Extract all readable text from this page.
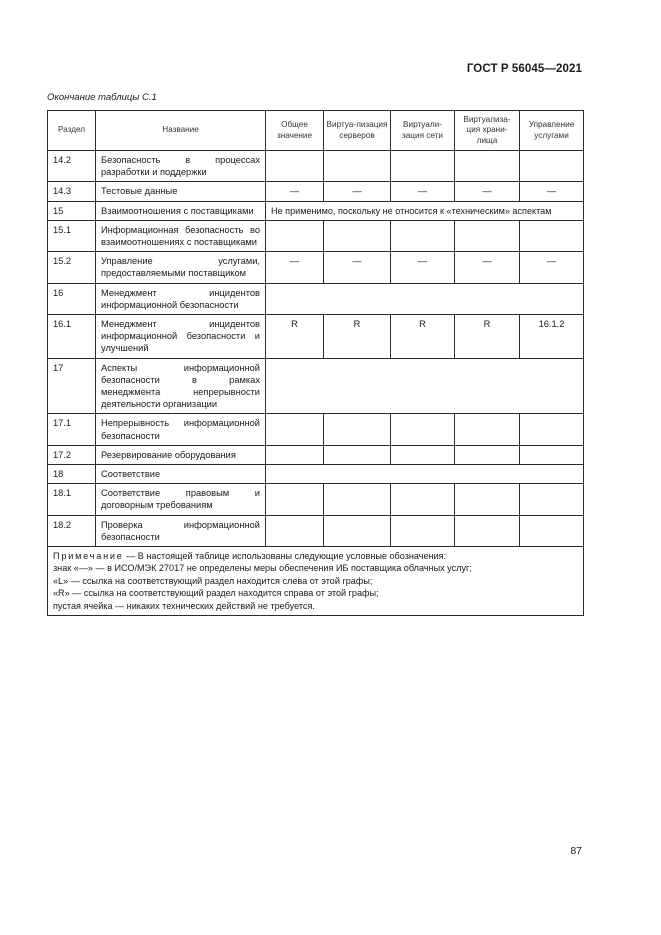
ГОСТ Р 56045—2021
Окончание таблицы С.1
Раздел	Название	Общее значение	Виртуа-лизация серверов	Виртуали-зация сети	Виртуализа-ция храни-лища	Управление услугами
14.2	Безопасность в процессах разработки и поддержки					
14.3	Тестовые данные	—	—	—	—	—
15	Взаимоотношения с поставщиками	Не применимо, поскольку не относится к «техническим» аспектам				
15.1	Информационная безопасность во взаимоотношениях с поставщиками					
15.2	Управление услугами, предоставляемыми поставщиком	—	—	—	—	—
16	Менеджмент инцидентов информационной безопасности					
16.1	Менеджмент инцидентов информационной безопасности и улучшений	R	R	R	R	16.1.2
17	Аспекты информационной безопасности в рамках менеджмента непрерывности деятельности организации					
17.1	Непрерывность информационной безопасности					
17.2	Резервирование оборудования					
18	Соответствие					
18.1	Соответствие правовым и договорным требованиям					
18.2	Проверка информационной безопасности					

Примечание — В настоящей таблице использованы следующие условные обозначения:
знак «—» — в ИСО/МЭК 27017 не определены меры обеспечения ИБ поставщика облачных услуг;
«L» — ссылка на соответствующий раздел находится слева от этой графы;
«R» — ссылка на соответствующий раздел находится справа от этой графы;
пустая ячейка — никаких технических действий не требуется.						
87
